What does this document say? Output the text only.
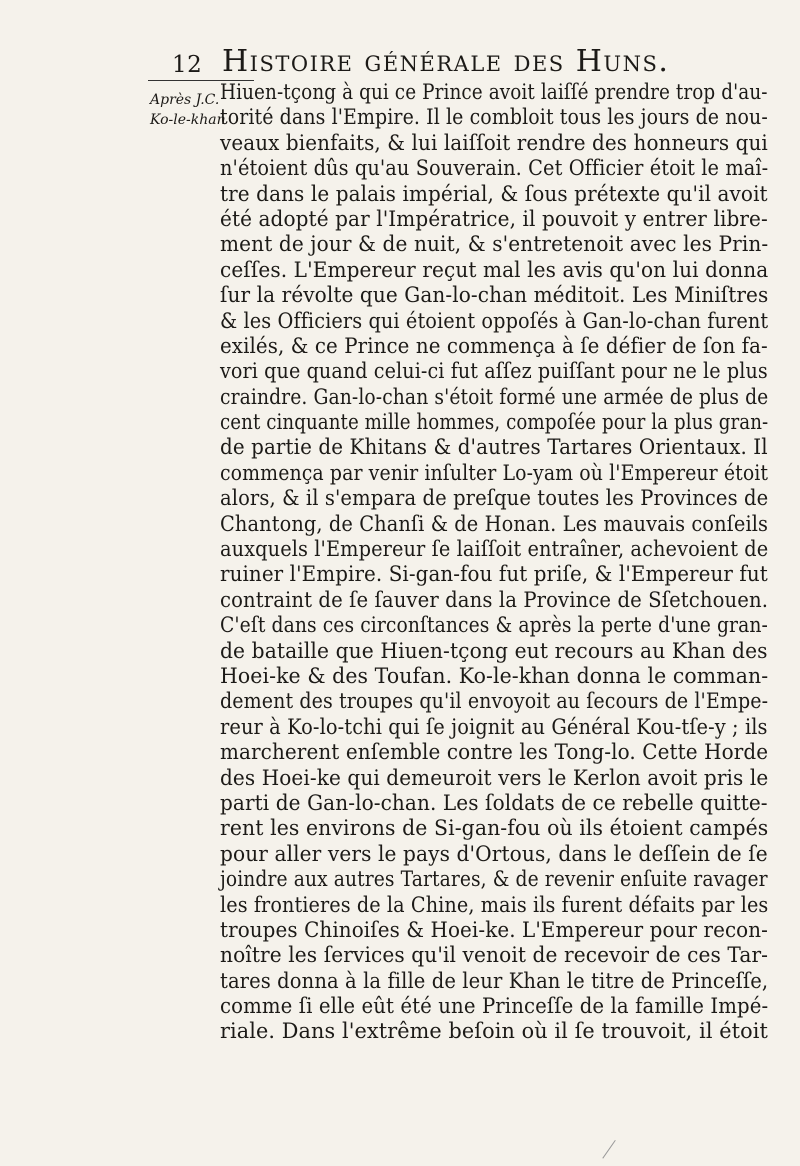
12 Histoire générale des Huns.
Après J.C.
Ko-le-khan
Hiuen-tçong à qui ce Prince avoit laiſſé prendre trop d'au-
torité dans l'Empire. Il le combloit tous les jours de nou-
veaux bienfaits, & lui laiſſoit rendre des honneurs qui
n'étoient dûs qu'au Souverain. Cet Officier étoit le maî-
tre dans le palais impérial, & ſous prétexte qu'il avoit
été adopté par l'Impératrice, il pouvoit y entrer libre-
ment de jour & de nuit, & s'entretenoit avec les Prin-
ceſſes. L'Empereur reçut mal les avis qu'on lui donna
ſur la révolte que Gan-lo-chan méditoit. Les Miniſtres
& les Officiers qui étoient oppoſés à Gan-lo-chan furent
exilés, & ce Prince ne commença à ſe défier de ſon fa-
vori que quand celui-ci fut aſſez puiſſant pour ne le plus
craindre. Gan-lo-chan s'étoit formé une armée de plus de
cent cinquante mille hommes, compoſée pour la plus gran-
de partie de Khitans & d'autres Tartares Orientaux. Il
commença par venir inſulter Lo-yam où l'Empereur étoit
alors, & il s'empara de preſque toutes les Provinces de
Chantong, de Chanſi & de Honan. Les mauvais conſeils
auxquels l'Empereur ſe laiſſoit entraîner, achevoient de
ruiner l'Empire. Si-gan-fou fut priſe, & l'Empereur fut
contraint de ſe ſauver dans la Province de Sſetchouen.
C'eſt dans ces circonſtances & après la perte d'une gran-
de bataille que Hiuen-tçong eut recours au Khan des
Hoei-ke & des Toufan. Ko-le-khan donna le comman-
dement des troupes qu'il envoyoit au ſecours de l'Empe-
reur à Ko-lo-tchi qui ſe joignit au Général Kou-tſe-y ; ils
marcherent enſemble contre les Tong-lo. Cette Horde
des Hoei-ke qui demeuroit vers le Kerlon avoit pris le
parti de Gan-lo-chan. Les ſoldats de ce rebelle quitte-
rent les environs de Si-gan-fou où ils étoient campés
pour aller vers le pays d'Ortous, dans le deſſein de ſe
joindre aux autres Tartares, & de revenir enſuite ravager
les frontieres de la Chine, mais ils furent défaits par les
troupes Chinoiſes & Hoei-ke. L'Empereur pour recon-
noître les ſervices qu'il venoit de recevoir de ces Tar-
tares donna à la fille de leur Khan le titre de Princeſſe,
comme ſi elle eût été une Princeſſe de la famille Impé-
riale. Dans l'extrême beſoin où il ſe trouvoit, il étoit
